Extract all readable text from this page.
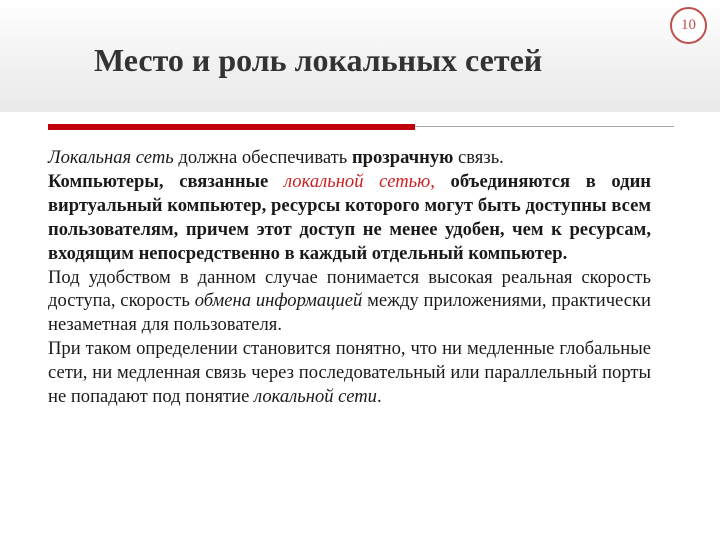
10
Место и роль локальных сетей

Локальная сеть должна обеспечивать прозрачную связь.

Компьютеры, связанные локальной сетью, объединяются в один виртуальный компьютер, ресурсы которого могут быть доступны всем пользователям, причем этот доступ не менее удобен, чем к ресурсам, входящим непосредственно в каждый отдельный компьютер.

Под удобством в данном случае понимается высокая реальная скорость доступа, скорость обмена информацией между приложениями, практически незаметная для пользователя.

При таком определении становится понятно, что ни медленные глобальные сети, ни медленная связь через последовательный или параллельный порты не попадают под понятие локальной сети.
